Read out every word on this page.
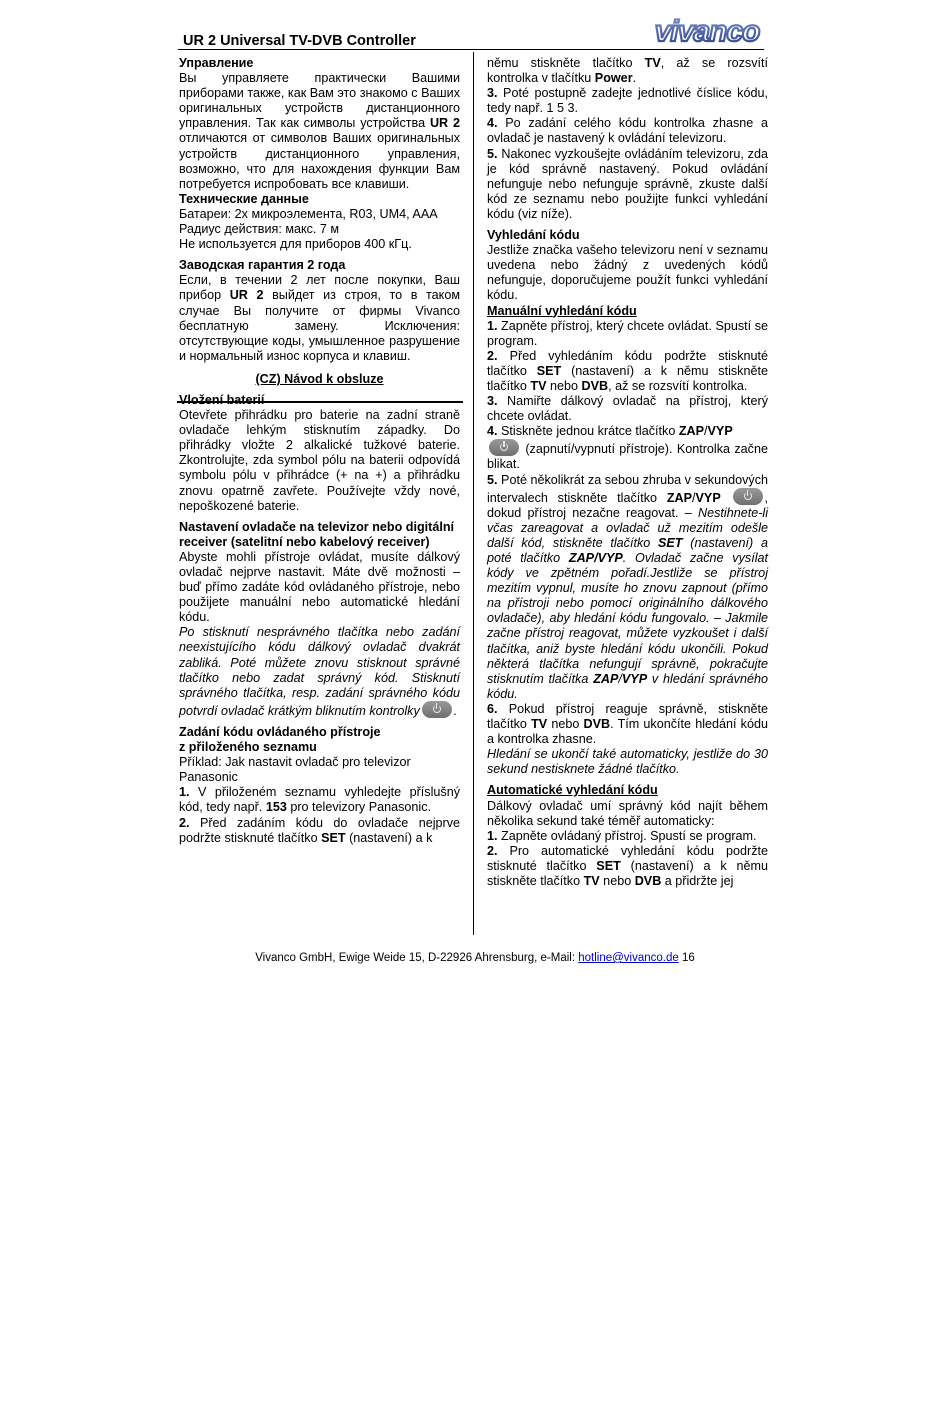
UR 2 Universal TV-DVB Controller	vivanco

Управление

Вы управляете практически Вашими приборами также, как Вам это знакомо с Ваших оригинальных устройств дистанционного управления. Так как символы устройства UR 2 отличаются от символов Ваших оригинальных устройств дистанционного управления, возможно, что для нахождения функции Вам потребуется испробовать все клавиши.

Технические данные

Батареи: 2x микроэлемента, R03, UM4, AAA

Радиус действия: макс. 7 м

Не используется для приборов 400 кГц.

Заводская гарантия 2 года

Если, в течении 2 лет после покупки, Ваш прибор UR 2 выйдет из строя, то в таком случае Вы получите от фирмы Vivanco бесплатную замену. Исключения: отсутствующие коды, умышленное разрушение и нормальный износ корпуса и клавиш.

(CZ) Návod k obsluze

Vložení baterií

Otevřete přihrádku pro baterie na zadní straně ovladače lehkým stisknutím západky. Do přihrádky vložte 2 alkalické tužkové baterie. Zkontrolujte, zda symbol pólu na baterii odpovídá symbolu pólu v přihrádce (+ na +) a přihrádku znovu opatrně zavřete. Používejte vždy nové, nepoškozené baterie.

Nastavení ovladače na televizor nebo digitální receiver (satelitní nebo kabelový receiver)

Abyste mohli přístroje ovládat, musíte dálkový ovladač nejprve nastavit. Máte dvě možnosti – buď přímo zadáte kód ovládaného přístroje, nebo použijete manuální nebo automatické hledání kódu.

Po stisknutí nesprávného tlačítka nebo zadání neexistujícího kódu dálkový ovladač dvakrát zabliká. Poté můžete znovu stisknout správné tlačítko nebo zadat správný kód. Stisknutí správného tlačítka, resp. zadání správného kódu potvrdí ovladač krátkým bliknutím kontrolky	.

Zadání kódu ovládaného přístroje

z přiloženého seznamu

Příklad: Jak nastavit ovladač pro televizor Panasonic

1. V přiloženém seznamu vyhledejte příslušný kód, tedy např. 153 pro televizory Panasonic.

2. Před zadáním kódu do ovladače nejprve podržte stisknuté tlačítko SET (nastavení) a k

němu stiskněte tlačítko TV, až se rozsvítí kontrolka v tlačítku Power.

3. Poté postupně zadejte jednotlivé číslice kódu, tedy např. 1 5 3.

4. Po zadání celého kódu kontrolka zhasne a ovladač je nastavený k ovládání televizoru.

5. Nakonec vyzkoušejte ovládáním televizoru, zda je kód správně nastavený. Pokud ovládání nefunguje nebo nefunguje správně, zkuste další kód ze seznamu nebo použijte funkci vyhledání kódu (viz níže).

Vyhledání kódu

Jestliže značka vašeho televizoru není v seznamu uvedena nebo žádný z uvedených kódů nefunguje, doporučujeme použít funkci vyhledání kódu.

Manuální vyhledání kódu

1. Zapněte přístroj, který chcete ovládat. Spustí se program.

2. Před vyhledáním kódu podržte stisknuté tlačítko SET (nastavení) a k němu stiskněte tlačítko TV nebo DVB, až se rozsvítí kontrolka.

3. Namiřte dálkový ovladač na přístroj, který chcete ovládat.

4. Stiskněte jednou krátce tlačítko ZAP/VYP
(zapnutí/vypnutí přístroje). Kontrolka začne blikat.

5. Poté několikrát za sebou zhruba v sekundových intervalech stiskněte tlačítko ZAP/VYP	, dokud přístroj nezačne reagovat. – Nestihnete-li včas zareagovat a ovladač už mezitím odešle další kód, stiskněte tlačítko SET (nastavení) a poté tlačítko ZAP/VYP. Ovladač začne vysílat kódy ve zpětném pořadí.Jestliže se přístroj mezitím vypnul, musíte ho znovu zapnout (přímo na přístroji nebo pomocí originálního dálkového ovladače), aby hledání kódu fungovalo. – Jakmile začne přístroj reagovat, můžete vyzkoušet i další tlačítka, aniž byste hledání kódu ukončili. Pokud některá tlačítka nefungují správně, pokračujte stisknutím tlačítka ZAP/VYP v hledání správného kódu.

6. Pokud přístroj reaguje správně, stiskněte tlačítko TV nebo DVB. Tím ukončíte hledání kódu a kontrolka zhasne.

Hledání se ukončí také automaticky, jestliže do 30 sekund nestisknete žádné tlačítko.

Automatické vyhledání kódu

Dálkový ovladač umí správný kód najít během několika sekund také téměř automaticky:

1. Zapněte ovládaný přístroj. Spustí se program.

2. Pro automatické vyhledání kódu podržte stisknuté tlačítko SET (nastavení) a k němu stiskněte tlačítko TV nebo DVB a přidržte jej

Vivanco GmbH, Ewige Weide 15, D-22926 Ahrensburg, e-Mail: hotline@vivanco.de 16
